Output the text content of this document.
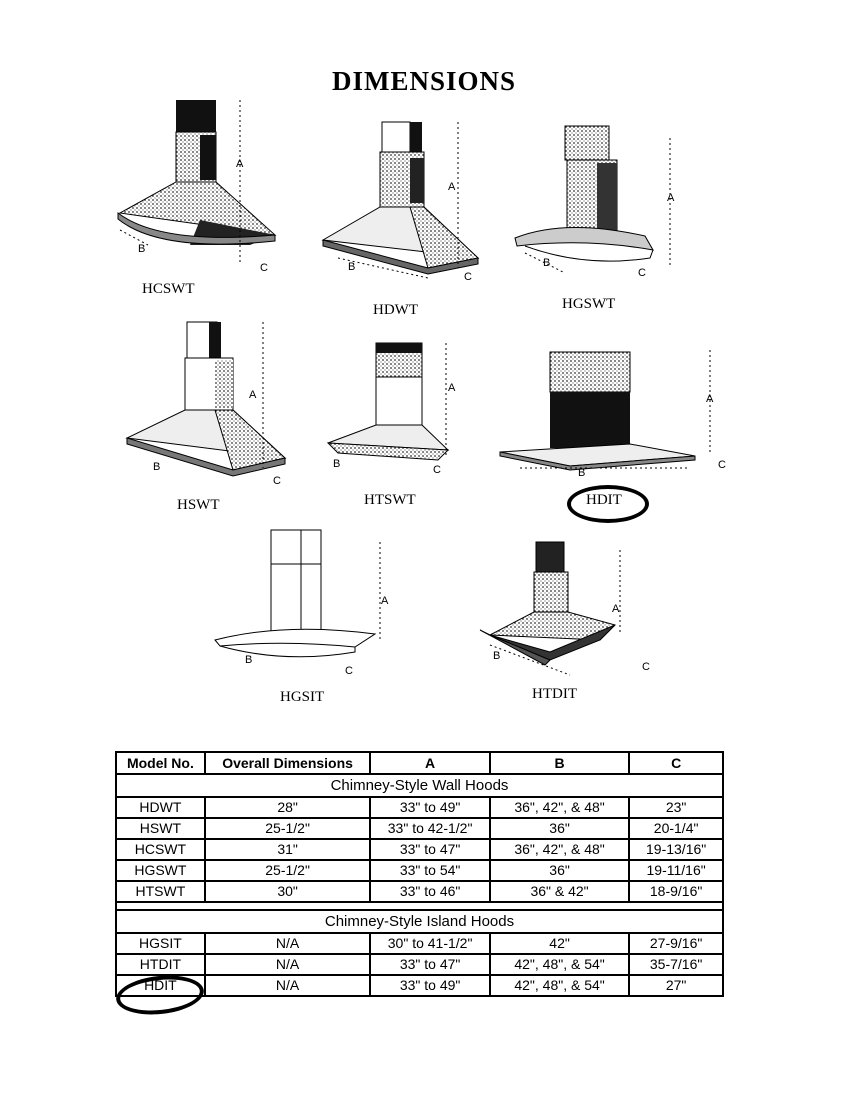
DIMENSIONS
A
B
C
HCSWT
A
B
C
HDWT
A
B
C
HGSWT
A
B
C
HSWT
A
B	C
HTSWT
A
B
C
HDIT
A
B
C
HGSIT
A
B
C
HTDIT
Model No.	Overall Dimensions	A	B	C
Chimney-Style Wall Hoods				
HDWT	28"	33" to 49"	36", 42", & 48"	23"
HSWT	25-1/2"	33" to 42-1/2"	36"	20-1/4"
HCSWT	31"	33" to 47"	36", 42", & 48"	19-13/16"
HGSWT	25-1/2"	33" to 54"	36"	19-11/16"
HTSWT	30"	33" to 46"	36" & 42"	18-9/16"

Chimney-Style Island Hoods				
HGSIT	N/A	30" to 41-1/2"	42"	27-9/16"
HTDIT	N/A	33" to 47"	42", 48", & 54"	35-7/16"
HDIT	N/A	33" to 49"	42", 48", & 54"	27"
